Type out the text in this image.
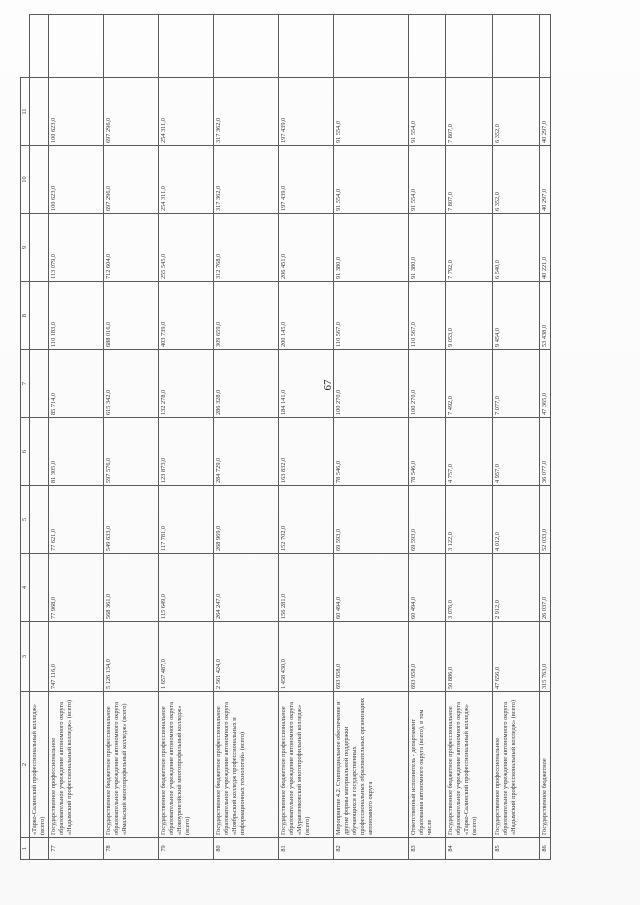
67
1	2	3	4	5	6	7	8	9	10	11	
	«Тарко-Салинский профессиональный колледж» (всего)										
77	Государственное профессиональное образовательное учреждение автономного округа «Надымский профессиональный колледж» (всего)	747 116,0	77 968,0	77 621,0	81 305,0	85 714,0	110 183,0	113 079,0	100 623,0	100 623,0	
78	Государственное бюджетное профессиональное образовательное учреждение автономного округа «Ямальский многопрофильный колледж» (всего)	5 126 134,0	568 361,0	549 633,0	597 576,0	615 342,0	688 016,0	712 604,0	697 296,0	697 296,0	
79	Государственное бюджетное профессиональное образовательное учреждение автономного округа «Новоуренгойский многопрофильный колледж» (всего)	1 657 487,0	115 649,0	117 781,0	123 873,0	132 278,0	403 739,0	255 545,0	254 311,0	254 311,0	
80	Государственное бюджетное профессиональное образовательное учреждение автономного округа «Ноябрьский колледж профессиональных и информационных технологий» (всего)	2 561 424,0	264 247,0	268 969,0	284 729,0	286 328,0	309 659,0	312 768,0	317 362,0	317 362,0	
81	Государственное бюджетное профессиональное образовательное учреждение автономного округа «Муравленковский многопрофильный колледж» (всего)	1 458 430,0	156 281,0	152 702,0	163 832,0	184 141,0	200 145,0	206 451,0	197 439,0	197 439,0	
82	Мероприятие 4.2. Стипендиальное обеспечение и другие формы материальной поддержки обучающихся в государственных профессиональных образовательных организациях автономного округа	693 958,0	60 494,0	69 593,0	78 546,0	100 270,0	110 567,0	91 380,0	91 554,0	91 554,0	
83	Ответственный исполнитель - департамент образования автономного округа (всего), в том числе	693 958,0	60 494,0	69 593,0	78 546,0	100 270,0	110 567,0	91 380,0	91 554,0	91 554,0	
84	Государственное бюджетное профессиональное образовательное учреждение автономного округа «Тарко-Салинский профессиональный колледж» (всего)	50 886,0	3 076,0	3 122,0	4 757,0	7 492,0	9 053,0	7 792,0	7 807,0	7 807,0	
85	Государственное профессиональное образовательное учреждение автономного округа «Надымский профессиональный колледж» (всего)	47 656,0	2 912,0	4 012,0	4 957,0	7 077,0	9 454,0	6 540,0	6 352,0	6 352,0	
86	Государственное бюджетное	315 763,0	26 037,0	52 033,0	36 077,0	47 365,0	53 438,0	40 221,0	40 297,0	40 297,0	
